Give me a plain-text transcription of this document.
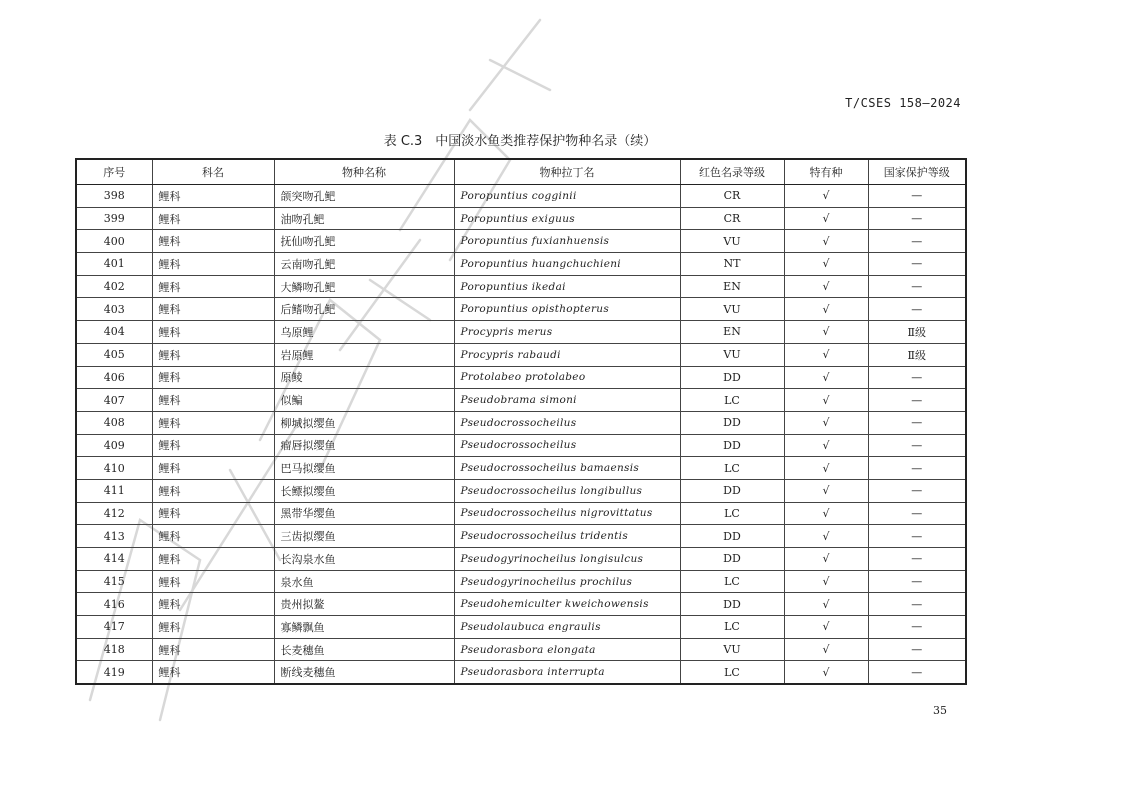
T/CSES 158—2024
表 C.3　中国淡水鱼类推荐保护物种名录（续）
序号	科名	物种名称	物种拉丁名	红色名录等级	特有种	国家保护等级
398	鲤科	颌突吻孔鲃	Poropuntius cogginii	CR	√	—
399	鲤科	油吻孔鲃	Poropuntius exiguus	CR	√	—
400	鲤科	抚仙吻孔鲃	Poropuntius fuxianhuensis	VU	√	—
401	鲤科	云南吻孔鲃	Poropuntius huangchuchieni	NT	√	—
402	鲤科	大鳞吻孔鲃	Poropuntius ikedai	EN	√	—
403	鲤科	后鳍吻孔鲃	Poropuntius opisthopterus	VU	√	—
404	鲤科	乌原鲤	Procypris merus	EN	√	Ⅱ级
405	鲤科	岩原鲤	Procypris rabaudi	VU	√	Ⅱ级
406	鲤科	原鲮	Protolabeo protolabeo	DD	√	—
407	鲤科	似鳊	Pseudobrama simoni	LC	√	—
408	鲤科	柳城拟缨鱼	Pseudocrossocheilus	DD	√	—
409	鲤科	瘤唇拟缨鱼	Pseudocrossocheilus	DD	√	—
410	鲤科	巴马拟缨鱼	Pseudocrossocheilus bamaensis	LC	√	—
411	鲤科	长鳔拟缨鱼	Pseudocrossocheilus longibullus	DD	√	—
412	鲤科	黑带华缨鱼	Pseudocrossocheilus nigrovittatus	LC	√	—
413	鲤科	三齿拟缨鱼	Pseudocrossocheilus tridentis	DD	√	—
414	鲤科	长沟泉水鱼	Pseudogyrinocheilus longisulcus	DD	√	—
415	鲤科	泉水鱼	Pseudogyrinocheilus prochilus	LC	√	—
416	鲤科	贵州拟鳌	Pseudohemiculter kweichowensis	DD	√	—
417	鲤科	寡鳞飘鱼	Pseudolaubuca engraulis	LC	√	—
418	鲤科	长麦穗鱼	Pseudorasbora elongata	VU	√	—
419	鲤科	断线麦穗鱼	Pseudorasbora interrupta	LC	√	—
35
